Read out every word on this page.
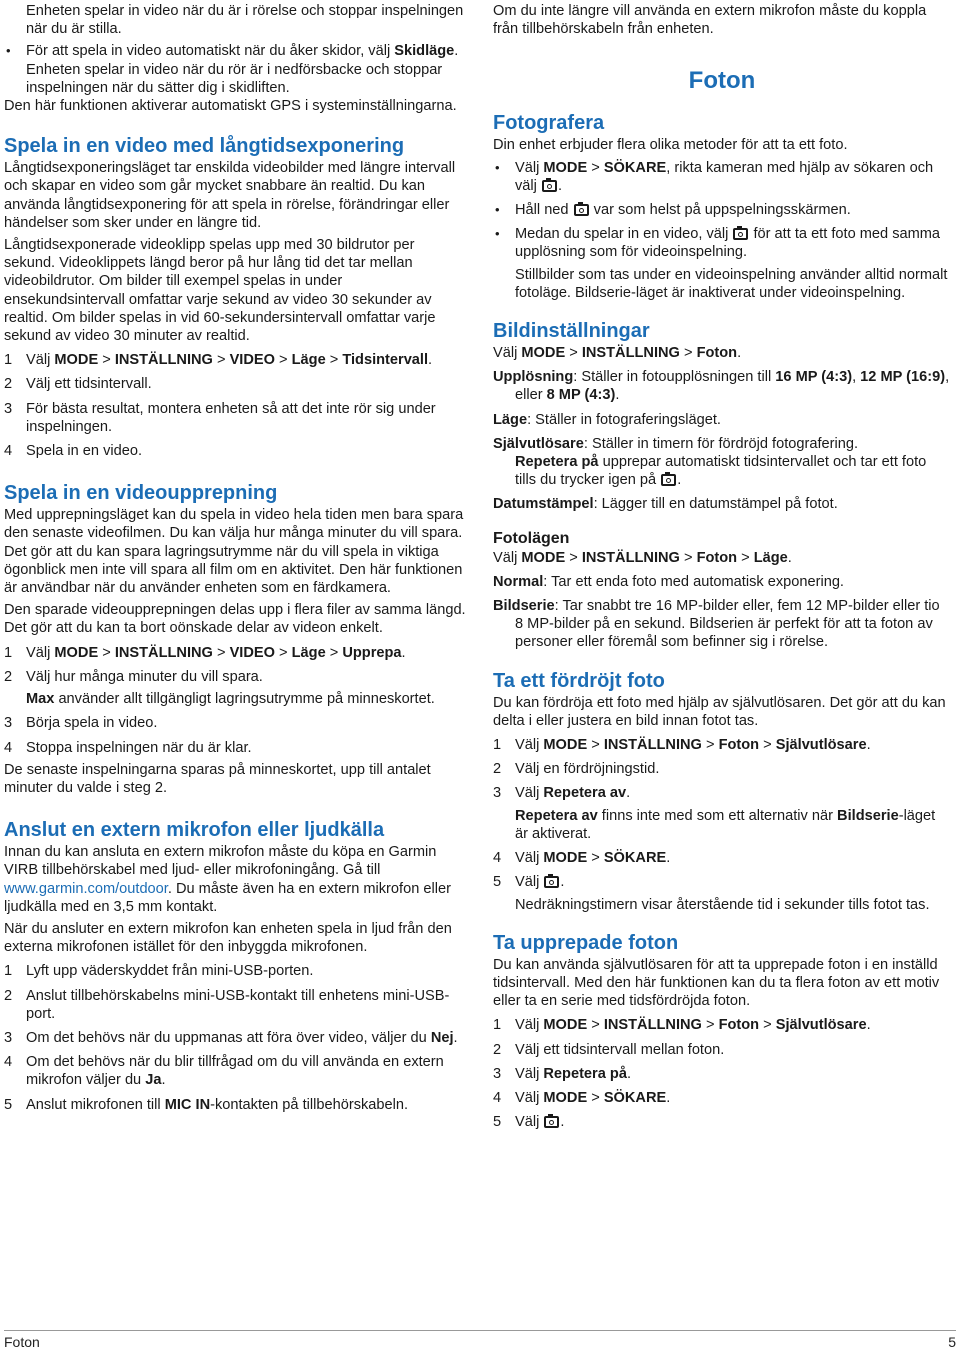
Enheten spelar in video när du är i rörelse och stoppar inspelningen när du är stilla.

• För att spela in video automatiskt när du åker skidor, välj Skidläge.

Enheten spelar in video när du rör är i nedförsbacke och stoppar inspelningen när du sätter dig i skidliften.

Den här funktionen aktiverar automatiskt GPS i systeminställningarna.

Spela in en video med långtidsexponering

Långtidsexponeringsläget tar enskilda videobilder med längre intervall och skapar en video som går mycket snabbare än realtid. Du kan använda långtidsexponering för att spela in rörelse, förändringar eller händelser som sker under en längre tid.

Långtidsexponerade videoklipp spelas upp med 30 bildrutor per sekund. Videoklippets längd beror på hur lång tid det tar mellan videobildrutor. Om bilder till exempel spelas in under ensekundsintervall omfattar varje sekund av video 30 sekunder av realtid. Om bilder spelas in vid 60-sekundersintervall omfattar varje sekund av video 30 minuter av realtid.

1 Välj MODE > INSTÄLLNING > VIDEO > Läge > Tidsintervall.

2 Välj ett tidsintervall.

3 För bästa resultat, montera enheten så att det inte rör sig under inspelningen.

4 Spela in en video.

Spela in en videoupprepning

Med upprepningsläget kan du spela in video hela tiden men bara spara den senaste videofilmen. Du kan välja hur många minuter du vill spara. Det gör att du kan spara lagringsutrymme när du vill spela in viktiga ögonblick men inte vill spara all film om en aktivitet. Den här funktionen är användbar när du använder enheten som en färdkamera.

Den sparade videoupprepningen delas upp i flera filer av samma längd. Det gör att du kan ta bort oönskade delar av videon enkelt.

1 Välj MODE > INSTÄLLNING > VIDEO > Läge > Upprepa.

2 Välj hur många minuter du vill spara.

Max använder allt tillgängligt lagringsutrymme på minneskortet.

3 Börja spela in video.

4 Stoppa inspelningen när du är klar.

De senaste inspelningarna sparas på minneskortet, upp till antalet minuter du valde i steg 2.

Anslut en extern mikrofon eller ljudkälla

Innan du kan ansluta en extern mikrofon måste du köpa en Garmin VIRB tillbehörskabel med ljud- eller mikrofoningång. Gå till www.garmin.com/outdoor. Du måste även ha en extern mikrofon eller ljudkälla med en 3,5 mm kontakt.

När du ansluter en extern mikrofon kan enheten spela in ljud från den externa mikrofonen istället för den inbyggda mikrofonen.

1 Lyft upp väderskyddet från mini-USB-porten.

2 Anslut tillbehörskabelns mini-USB-kontakt till enhetens mini-USB-port.

3 Om det behövs när du uppmanas att föra över video, väljer du Nej.

4 Om det behövs när du blir tillfrågad om du vill använda en extern mikrofon väljer du Ja.

5 Anslut mikrofonen till MIC IN-kontakten på tillbehörskabeln.

Om du inte längre vill använda en extern mikrofon måste du koppla från tillbehörskabeln från enheten.

Foton
Fotografera

Din enhet erbjuder flera olika metoder för att ta ett foto.

• Välj MODE > SÖKARE, rikta kameran med hjälp av sökaren och välj .

• Håll ned  var som helst på uppspelningsskärmen.

• Medan du spelar in en video, välj  för att ta ett foto med samma upplösning som för videoinspelning.

Stillbilder som tas under en videoinspelning använder alltid normalt fotoläge. Bildserie-läget är inaktiverat under videoinspelning.

Bildinställningar

Välj MODE > INSTÄLLNING > Foton.

Upplösning: Ställer in fotoupplösningen till 16 MP (4:3), 12 MP (16:9), eller 8 MP (4:3).

Läge: Ställer in fotograferingsläget.

Självutlösare: Ställer in timern för fördröjd fotografering.

Repetera på upprepar automatiskt tidsintervallet och tar ett foto tills du trycker igen på .

Datumstämpel: Lägger till en datumstämpel på fotot.

Fotolägen

Välj MODE > INSTÄLLNING > Foton > Läge.

Normal: Tar ett enda foto med automatisk exponering.

Bildserie: Tar snabbt tre 16 MP-bilder eller, fem 12 MP-bilder eller tio 8 MP-bilder på en sekund. Bildserien är perfekt för att ta foton av personer eller föremål som befinner sig i rörelse.

Ta ett fördröjt foto

Du kan fördröja ett foto med hjälp av självutlösaren. Det gör att du kan delta i eller justera en bild innan fotot tas.

1 Välj MODE > INSTÄLLNING > Foton > Självutlösare.

2 Välj en fördröjningstid.

3 Välj Repetera av.

Repetera av finns inte med som ett alternativ när Bildserie-läget är aktiverat.

4 Välj MODE > SÖKARE.

5 Välj .

Nedräkningstimern visar återstående tid i sekunder tills fotot tas.

Ta upprepade foton

Du kan använda självutlösaren för att ta upprepade foton i en inställd tidsintervall. Med den här funktionen kan du ta flera foton av ett motiv eller ta en serie med tidsfördröjda foton.

1 Välj MODE > INSTÄLLNING > Foton > Självutlösare.

2 Välj ett tidsintervall mellan foton.

3 Välj Repetera på.

4 Välj MODE > SÖKARE.

5 Välj .

Foton	5
